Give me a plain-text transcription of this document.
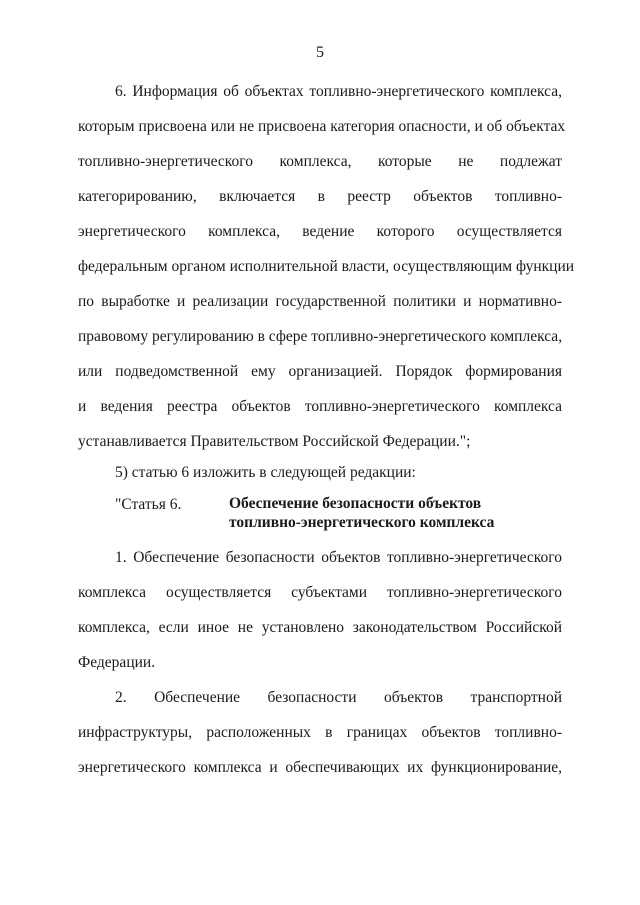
5
6. Информация об объектах топливно-энергетического комплекса,
которым присвоена или не присвоена категория опасности, и об объектах
топливно-энергетического комплекса, которые не подлежат
категорированию, включается в реестр объектов топливно-
энергетического комплекса, ведение которого осуществляется
федеральным органом исполнительной власти, осуществляющим функции
по выработке и реализации государственной политики и нормативно-
правовому регулированию в сфере топливно-энергетического комплекса,
или подведомственной ему организацией. Порядок формирования
и ведения реестра объектов топливно-энергетического комплекса
устанавливается Правительством Российской Федерации.";
5) статью 6 изложить в следующей редакции:
"Статья 6.	Обеспечение безопасности объектов
топливно-энергетического комплекса
1. Обеспечение безопасности объектов топливно-энергетического
комплекса осуществляется субъектами топливно-энергетического
комплекса, если иное не установлено законодательством Российской
Федерации.
2. Обеспечение безопасности объектов транспортной
инфраструктуры, расположенных в границах объектов топливно-
энергетического комплекса и обеспечивающих их функционирование,
